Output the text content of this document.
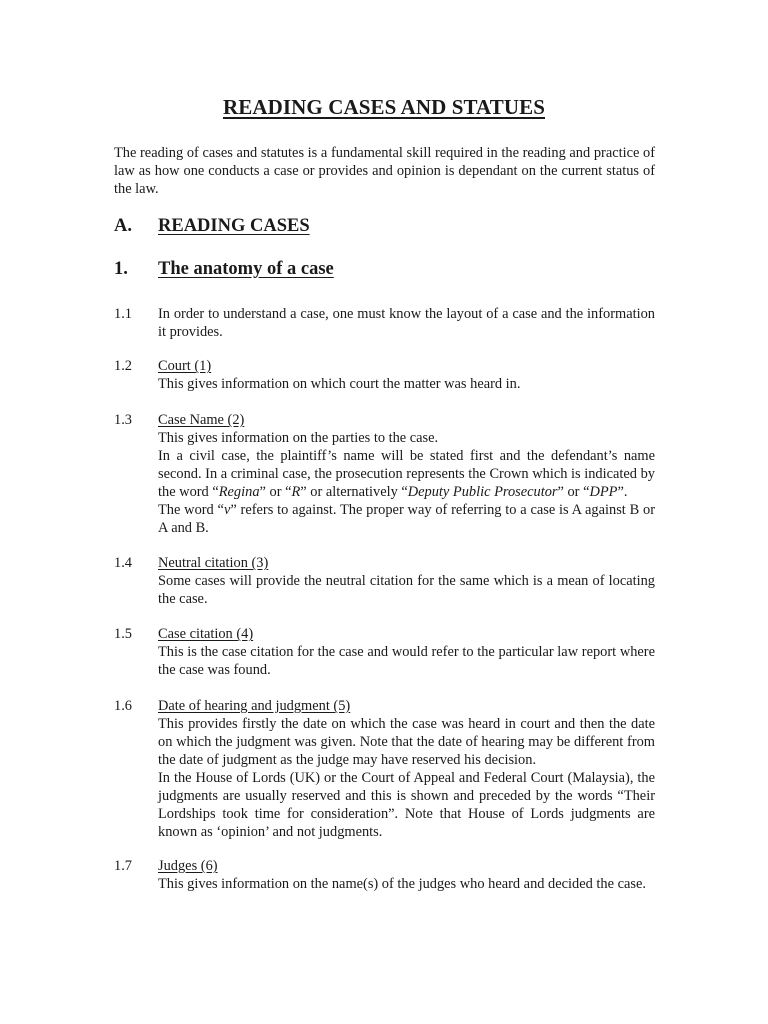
READING CASES AND STATUES

The reading of cases and statutes is a fundamental skill required in the reading and practice of law as how one conducts a case or provides and opinion is dependant on the current status of the law.

A. READING CASES
1. The anatomy of a case
1.1	In order to understand a case, one must know the layout of a case and the information it provides.

1.2	Court (1)

This gives information on which court the matter was heard in.

1.3	Case Name (2)

This gives information on the parties to the case.

In a civil case, the plaintiff’s name will be stated first and the defendant’s name second. In a criminal case, the prosecution represents the Crown which is indicated by the word “Regina” or “R” or alternatively “Deputy Public Prosecutor” or “DPP”.

The word “v” refers to against. The proper way of referring to a case is A against B or A and B.

1.4	Neutral citation (3)

Some cases will provide the neutral citation for the same which is a mean of locating the case.

1.5	Case citation (4)

This is the case citation for the case and would refer to the particular law report where the case was found.

1.6	Date of hearing and judgment (5)

This provides firstly the date on which the case was heard in court and then the date on which the judgment was given. Note that the date of hearing may be different from the date of judgment as the judge may have reserved his decision.

In the House of Lords (UK) or the Court of Appeal and Federal Court (Malaysia), the judgments are usually reserved and this is shown and preceded by the words “Their Lordships took time for consideration”. Note that House of Lords judgments are known as ‘opinion’ and not judgments.

1.7	Judges (6)

This gives information on the name(s) of the judges who heard and decided the case.
